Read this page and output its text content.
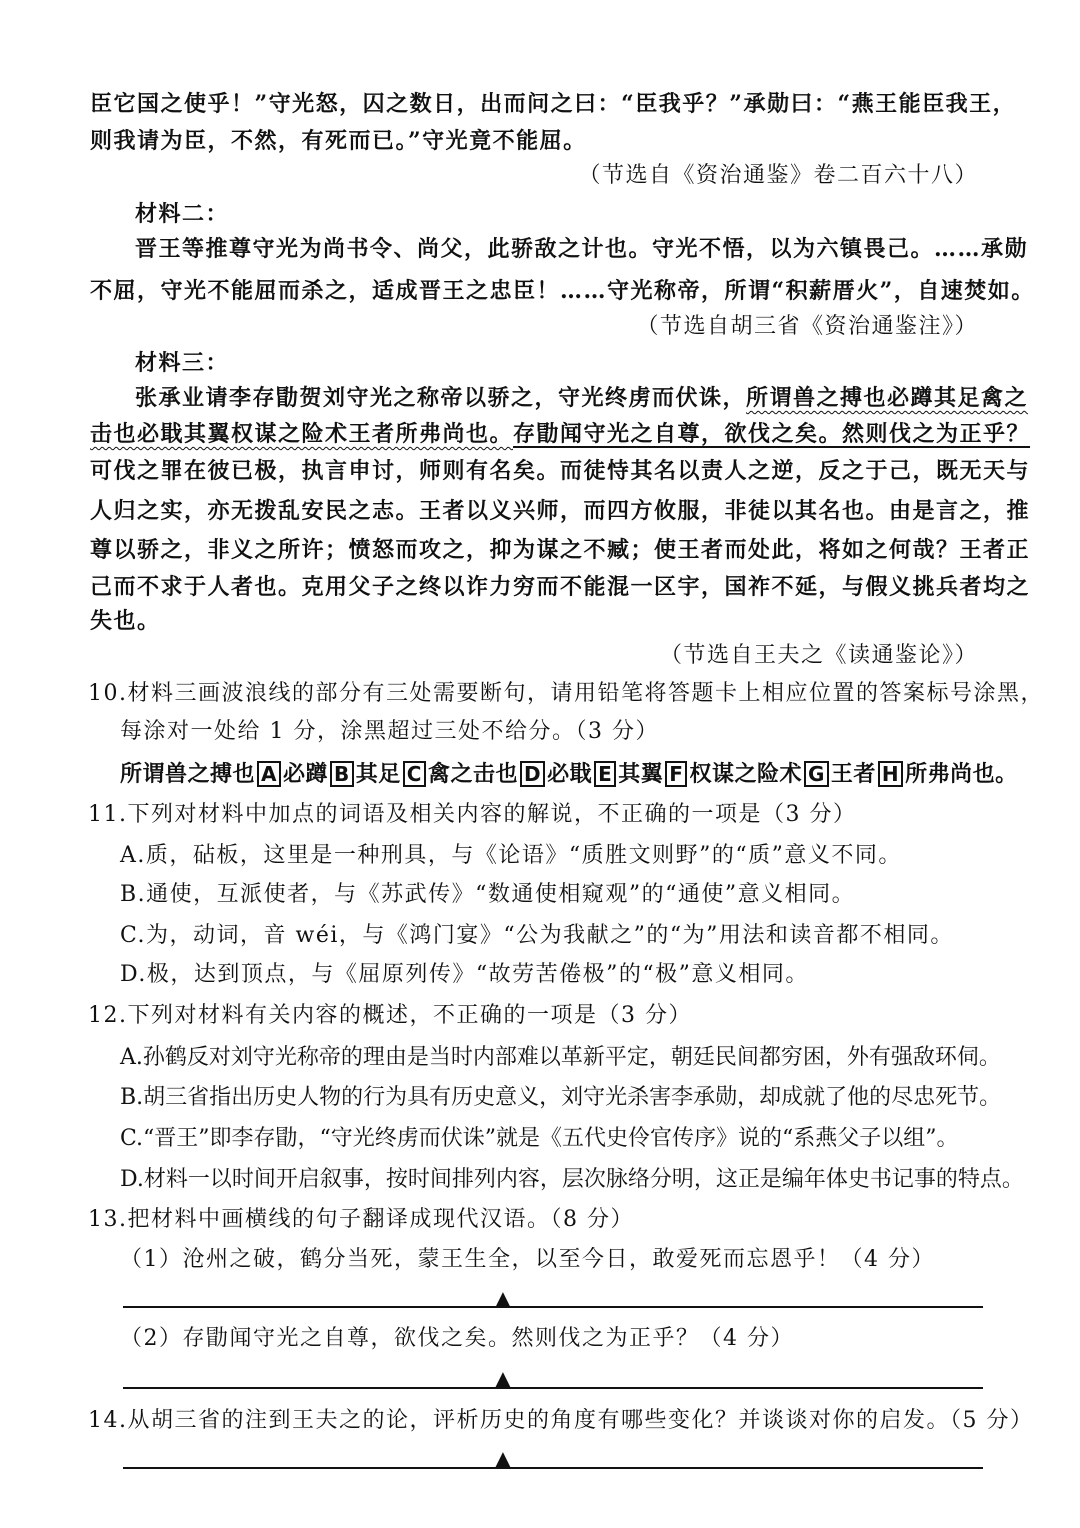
臣它国之使乎！”守光怒，囚之数日，出而问之曰：“臣我乎？”承勋曰：“燕王能臣我王，
则我请为臣，不然，有死而已。”守光竟不能屈。
（节选自《资治通鉴》卷二百六十八）
材料二：
晋王等推尊守光为尚书令、尚父，此骄敌之计也。守光不悟，以为六镇畏己。……承勋
不屈，守光不能屈而杀之，适成晋王之忠臣！……守光称帝，所谓“积薪厝火”，自速焚如。
（节选自胡三省《资治通鉴注》）
材料三：
张承业请李存勖贺刘守光之称帝以骄之，守光终虏而伏诛，所谓兽之搏也必蹲其足禽之
击也必戢其翼权谋之险术王者所弗尚也。存勖闻守光之自尊，欲伐之矣。然则伐之为正乎？
可伐之罪在彼已极，执言申讨，师则有名矣。而徒恃其名以责人之逆，反之于己，既无天与
人归之实，亦无拨乱安民之志。王者以义兴师，而四方攸服，非徒以其名也。由是言之，推
尊以骄之，非义之所许；愤怒而攻之，抑为谋之不臧；使王者而处此，将如之何哉？王者正
己而不求于人者也。克用父子之终以诈力穷而不能混一区宇，国祚不延，与假义挑兵者均之
失也。
（节选自王夫之《读通鉴论》）
10.材料三画波浪线的部分有三处需要断句，请用铅笔将答题卡上相应位置的答案标号涂黑，
每涂对一处给 1 分，涂黑超过三处不给分。（3 分）
所谓兽之搏也 A 必蹲 B 其足 C 禽之击也 D 必戢 E 其翼 F 权谋之险术 G 王者 H 所弗尚也。
11.下列对材料中加点的词语及相关内容的解说，不正确的一项是（3 分）
A.质，砧板，这里是一种刑具，与《论语》“质胜文则野”的“质”意义不同。
B.通使，互派使者，与《苏武传》“数通使相窥观”的“通使”意义相同。
C.为，动词，音 wéi，与《鸿门宴》“公为我献之”的“为”用法和读音都不相同。
D.极，达到顶点，与《屈原列传》“故劳苦倦极”的“极”意义相同。
12.下列对材料有关内容的概述，不正确的一项是（3 分）
A.孙鹤反对刘守光称帝的理由是当时内部难以革新平定，朝廷民间都穷困，外有强敌环伺。
B.胡三省指出历史人物的行为具有历史意义，刘守光杀害李承勋，却成就了他的尽忠死节。
C.“晋王”即李存勖，“守光终虏而伏诛”就是《五代史伶官传序》说的“系燕父子以组”。
D.材料一以时间开启叙事，按时间排列内容，层次脉络分明，这正是编年体史书记事的特点。
13.把材料中画横线的句子翻译成现代汉语。（8 分）
（1）沧州之破，鹤分当死，蒙王生全，以至今日，敢爱死而忘恩乎！（4 分）
▲
（2）存勖闻守光之自尊，欲伐之矣。然则伐之为正乎？（4 分）
▲
14.从胡三省的注到王夫之的论，评析历史的角度有哪些变化？并谈谈对你的启发。（5 分）
▲
